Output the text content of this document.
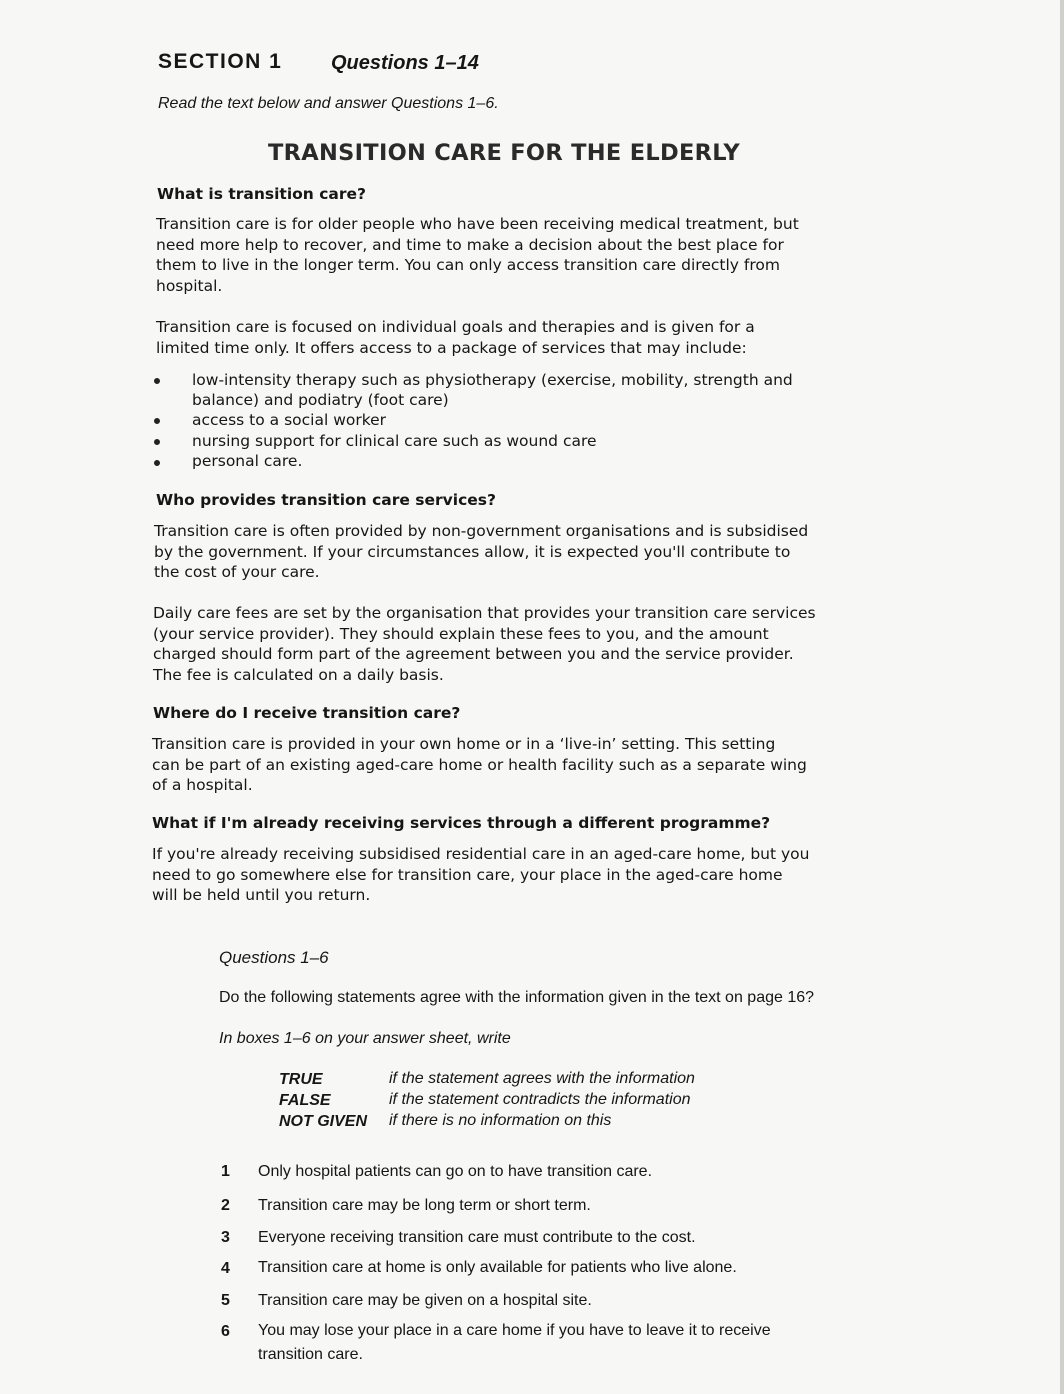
SECTION 1 Questions 1–14
Read the text below and answer Questions 1–6.
TRANSITION CARE FOR THE ELDERLY
What is transition care?

Transition care is for older people who have been receiving medical treatment, but

need more help to recover, and time to make a decision about the best place for

them to live in the longer term. You can only access transition care directly from

hospital.

Transition care is focused on individual goals and therapies and is given for a

limited time only. It offers access to a package of services that may include:

low-intensity therapy such as physiotherapy (exercise, mobility, strength and
balance) and podiatry (foot care)
access to a social worker
nursing support for clinical care such as wound care
personal care.
Who provides transition care services?

Transition care is often provided by non-government organisations and is subsidised

by the government. If your circumstances allow, it is expected you'll contribute to

the cost of your care.

Daily care fees are set by the organisation that provides your transition care services

(your service provider). They should explain these fees to you, and the amount

charged should form part of the agreement between you and the service provider.

The fee is calculated on a daily basis.

Where do I receive transition care?

Transition care is provided in your own home or in a ‘live-in’ setting. This setting

can be part of an existing aged-care home or health facility such as a separate wing

of a hospital.

What if I'm already receiving services through a different programme?

If you're already receiving subsidised residential care in an aged-care home, but you

need to go somewhere else for transition care, your place in the aged-care home

will be held until you return.

Questions 1–6
Do the following statements agree with the information given in the text on page 16?
In boxes 1–6 on your answer sheet, write
TRUE	if the statement agrees with the information
FALSE	if the statement contradicts the information
NOT GIVEN if there is no information on this
1 Only hospital patients can go on to have transition care.
2 Transition care may be long term or short term.
3 Everyone receiving transition care must contribute to the cost.
4 Transition care at home is only available for patients who live alone.
5 Transition care may be given on a hospital site.
6 You may lose your place in a care home if you have to leave it to receive
transition care.
